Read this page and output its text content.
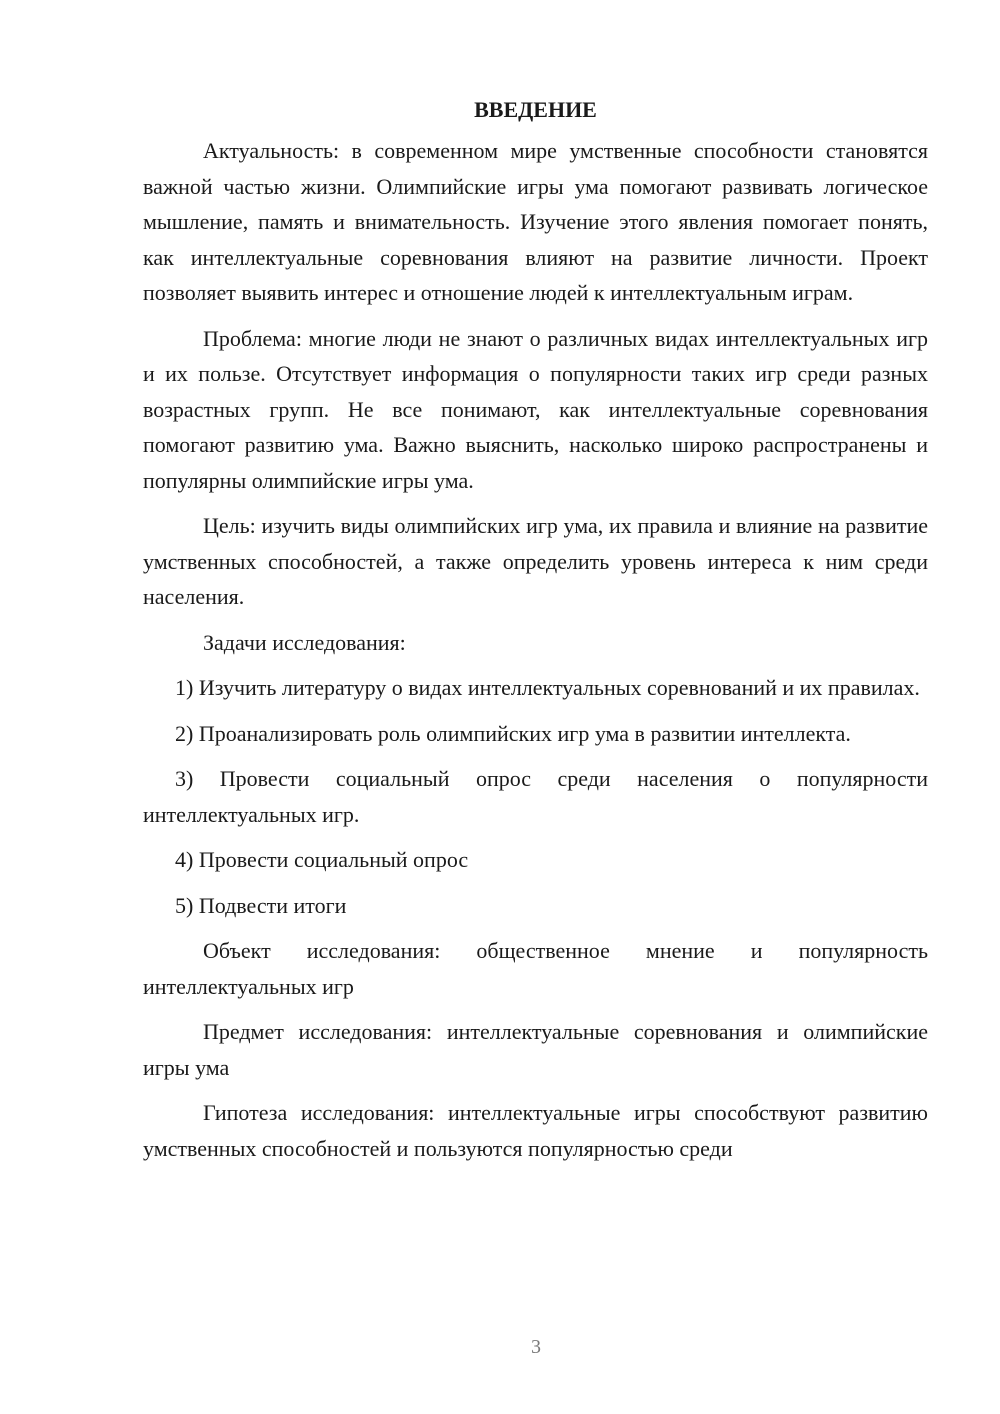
ВВЕДЕНИЕ

Актуальность: в современном мире умственные способности становятся важной частью жизни. Олимпийские игры ума помогают развивать логическое мышление, память и внимательность. Изучение этого явления помогает понять, как интеллектуальные соревнования влияют на развитие личности. Проект позволяет выявить интерес и отношение людей к интеллектуальным играм.

Проблема: многие люди не знают о различных видах интеллектуальных игр и их пользе. Отсутствует информация о популярности таких игр среди разных возрастных групп. Не все понимают, как интеллектуальные соревнования помогают развитию ума. Важно выяснить, насколько широко распространены и популярны олимпийские игры ума.

Цель: изучить виды олимпийских игр ума, их правила и влияние на развитие умственных способностей, а также определить уровень интереса к ним среди населения.

Задачи исследования:

1) Изучить литературу о видах интеллектуальных соревнований и их правилах.

2) Проанализировать роль олимпийских игр ума в развитии интеллекта.

3) Провести социальный опрос среди населения о популярности интеллектуальных игр.

4) Провести социальный опрос

5) Подвести итоги

Объект исследования: общественное мнение и популярность интеллектуальных игр

Предмет исследования: интеллектуальные соревнования и олимпийские игры ума

Гипотеза исследования: интеллектуальные игры способствуют развитию умственных способностей и пользуются популярностью среди

3
